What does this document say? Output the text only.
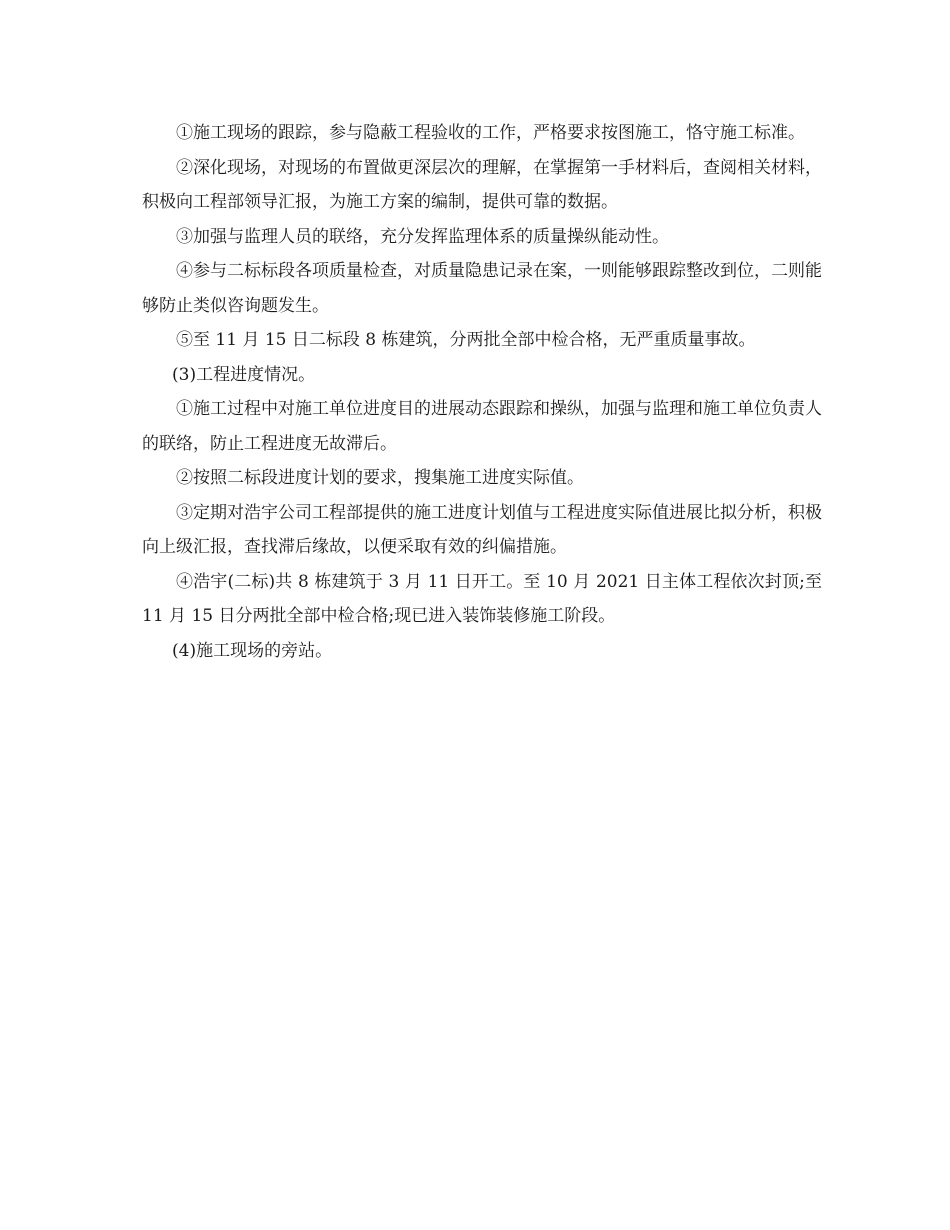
①施工现场的跟踪，参与隐蔽工程验收的工作，严格要求按图施工，恪守施工标准。

②深化现场，对现场的布置做更深层次的理解，在掌握第一手材料后，查阅相关材料，积极向工程部领导汇报，为施工方案的编制，提供可靠的数据。

③加强与监理人员的联络，充分发挥监理体系的质量操纵能动性。

④参与二标标段各项质量检查，对质量隐患记录在案，一则能够跟踪整改到位，二则能够防止类似咨询题发生。

⑤至 11 月 15 日二标段 8 栋建筑，分两批全部中检合格，无严重质量事故。

(3)工程进度情况。

①施工过程中对施工单位进度目的进展动态跟踪和操纵，加强与监理和施工单位负责人的联络，防止工程进度无故滞后。

②按照二标段进度计划的要求，搜集施工进度实际值。

③定期对浩宇公司工程部提供的施工进度计划值与工程进度实际值进展比拟分析，积极向上级汇报，查找滞后缘故，以便采取有效的纠偏措施。

④浩宇(二标)共 8 栋建筑于 3 月 11 日开工。至 10 月 2021 日主体工程依次封顶;至 11 月 15 日分两批全部中检合格;现已进入装饰装修施工阶段。

(4)施工现场的旁站。
